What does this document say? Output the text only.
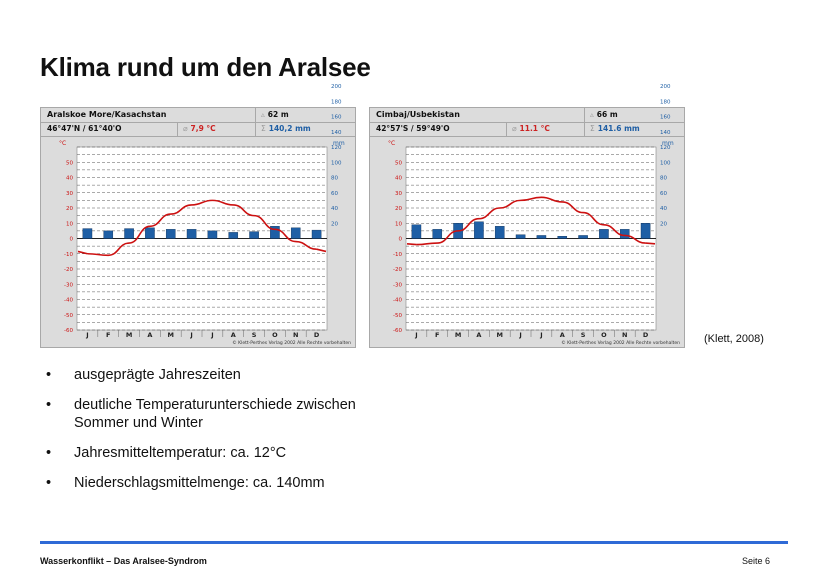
Klima rund um den Aralsee
Aralskoe More/Kasachstan	▵ 62 m
46°47'N / 61°40'O	⌀ 7,9 °C	Σ 140,2 mm
°C	mm
50
40
30
20
10
0
-10
-20
-30
-40
-50
-60
200
180
160
140
120
100
80
60
40
20
J	F M A M	J	J	A S O N D
© Klett-Perthes Verlag 2002 Alle Rechte vorbehalten
Cimbaj/Usbekistan	▵ 66 m
42°57'S / 59°49'O	⌀ 11.1 °C	Σ 141.6 mm
°C	mm
50
40
30
20
10
0
-10
-20
-30
-40
-50
-60
200
180
160
140
120
100
80
60
40
20
J	F M A M	J	J	A S O N D
© Klett-Perthes Verlag 2002 Alle Rechte vorbehalten (Klett, 2008)
• ausgeprägte Jahreszeiten
• deutliche Temperaturunterschiede zwischen
Sommer und Winter
• Jahresmitteltemperatur: ca. 12°C
• Niederschlagsmittelmenge: ca. 140mm
Wasserkonflikt – Das Aralsee-Syndrom	Seite 6
